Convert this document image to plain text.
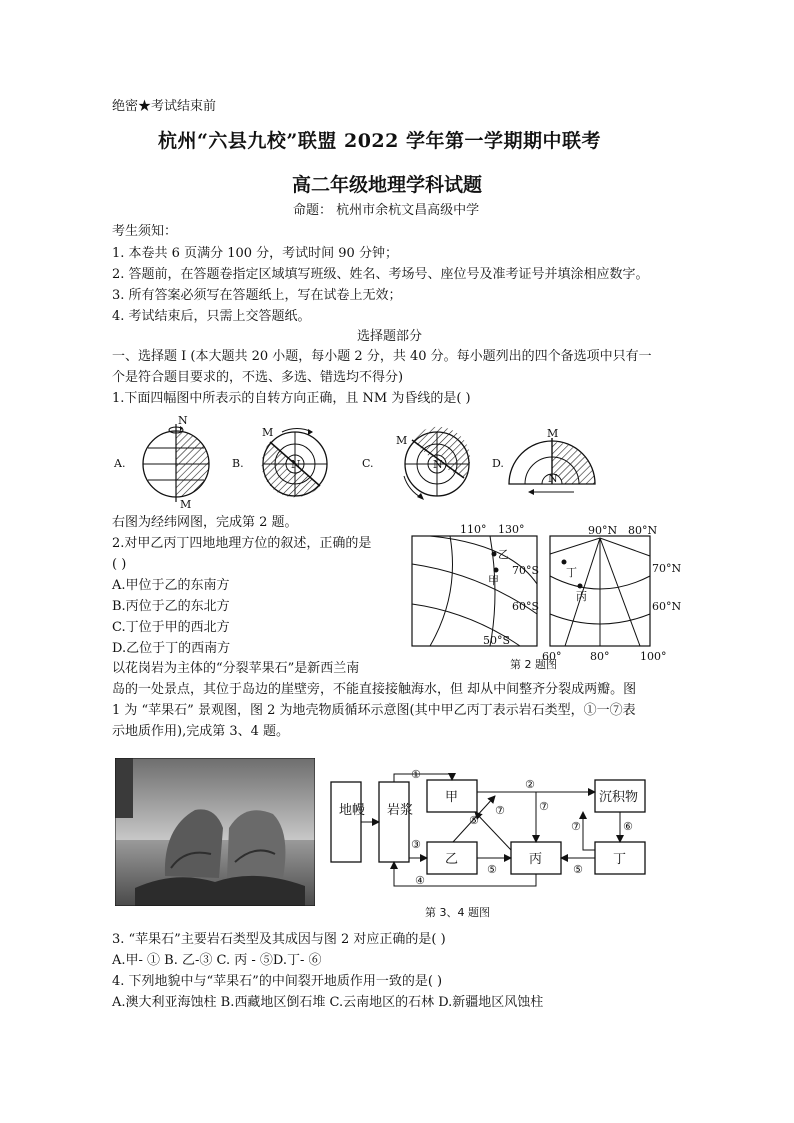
绝密★考试结束前
杭州“六县九校”联盟 2022 学年第一学期期中联考
高二年级地理学科试题
命题： 杭州市余杭文昌高级中学
考生须知：
1. 本卷共 6 页满分 100 分，考试时间 90 分钟；
2. 答题前，在答题卷指定区域填写班级、姓名、考场号、座位号及准考证号并填涂相应数字。
3. 所有答案必须写在答题纸上，写在试卷上无效；
4. 考试结束后，只需上交答题纸。
选择题部分
一、选择题 I (本大题共 20 小题，每小题 2 分，共 40 分。每小题列出的四个备选项中只有一
个是符合题目要求的，不选、多选、错选均不得分)
1.下面四幅图中所表示的自转方向正确，且 NM 为昏线的是( )
A.
N
M
B.	N
M
C.	N
M
D.
M
N
右图为经纬网图，完成第 2 题。
2.对甲乙丙丁四地地理方位的叙述，正确的是
( )
A.甲位于乙的东南方
B.丙位于乙的东北方
C.丁位于甲的西北方
D.乙位于丁的西南方
110° 130°
70°S
60°S
50°S
乙
甲
90°N 80°N
70°N
60°N
60°	80°	100°
丁
丙
第 2 题图
以花岗岩为主体的“分裂苹果石”是新西兰南
岛的一处景点，其位于岛边的崖壁旁，不能直接接触海水，但 却从中间整齐分裂成两瓣。图
1 为 “苹果石” 景观图，图 2 为地壳物质循环示意图(其中甲乙丙丁表示岩石类型，①一⑦表
示地质作用),完成第 3、4 题。
地幔 岩浆
甲
乙	丙
沉积物
丁
①
②
③
④
⑤	⑤
⑥
⑦
⑦
⑤	⑦
第 3、4 题图
3. “苹果石”主要岩石类型及其成因与图 2 对应正确的是( )
A.甲- ① B. 乙-③ C. 丙 - ⑤D.丁- ⑥
4. 下列地貌中与“苹果石”的中间裂开地质作用一致的是( )
A.澳大利亚海蚀柱 B.西藏地区倒石堆 C.云南地区的石林 D.新疆地区风蚀柱
